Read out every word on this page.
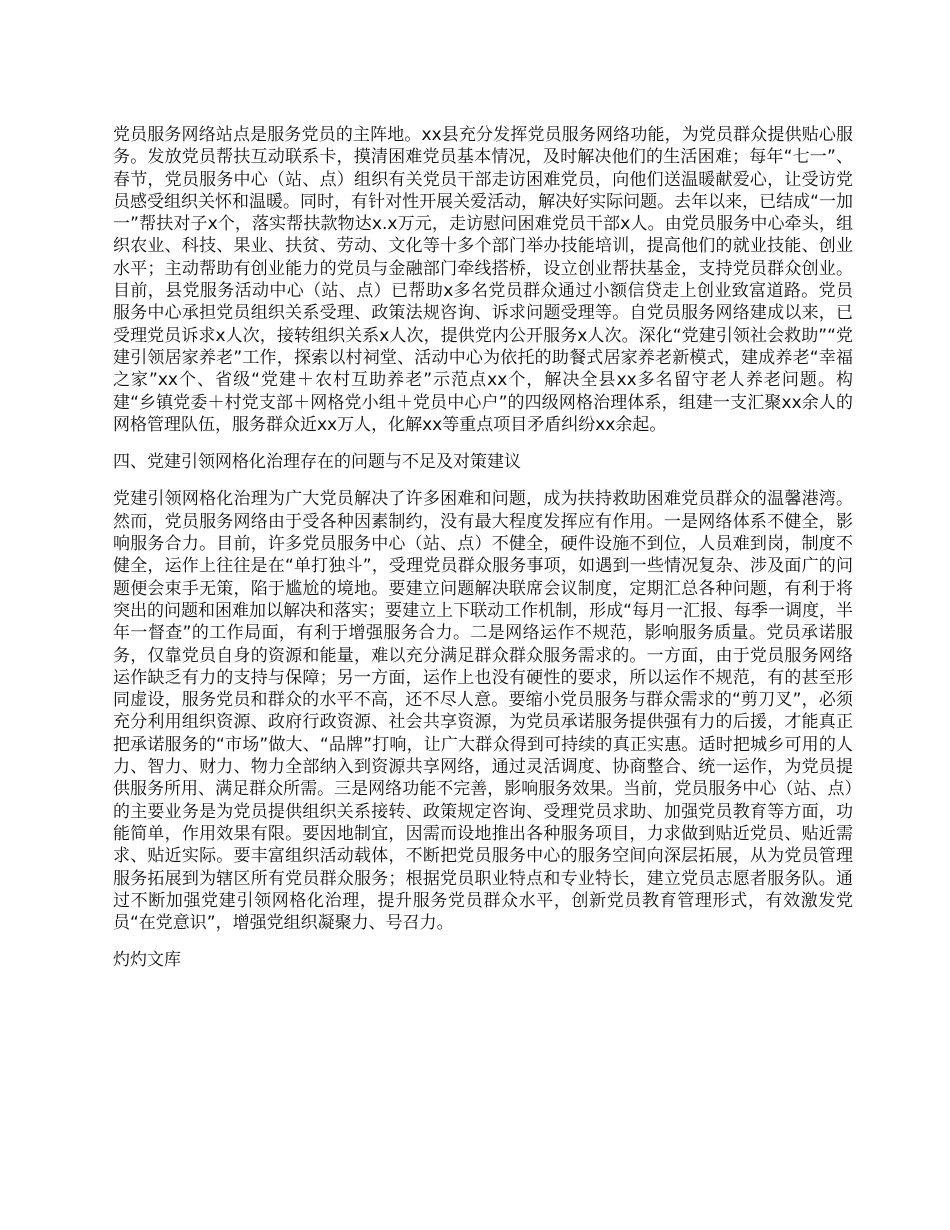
党员服务网络站点是服务党员的主阵地。xx县充分发挥党员服务网络功能，为党员群众提供贴心服务。发放党员帮扶互动联系卡，摸清困难党员基本情况，及时解决他们的生活困难；每年“七一”、春节，党员服务中心（站、点）组织有关党员干部走访困难党员，向他们送温暖献爱心，让受访党员感受组织关怀和温暖。同时，有针对性开展关爱活动，解决好实际问题。去年以来，已结成“一加一”帮扶对子x个，落实帮扶款物达x.x万元，走访慰问困难党员干部x人。由党员服务中心牵头，组织农业、科技、果业、扶贫、劳动、文化等十多个部门举办技能培训，提高他们的就业技能、创业水平；主动帮助有创业能力的党员与金融部门牵线搭桥，设立创业帮扶基金，支持党员群众创业。目前，县党服务活动中心（站、点）已帮助x多名党员群众通过小额信贷走上创业致富道路。党员服务中心承担党员组织关系受理、政策法规咨询、诉求问题受理等。自党员服务网络建成以来，已受理党员诉求x人次，接转组织关系x人次，提供党内公开服务x人次。深化“党建引领社会救助”“党建引领居家养老”工作，探索以村祠堂、活动中心为依托的助餐式居家养老新模式，建成养老“幸福之家”xx个、省级“党建＋农村互助养老”示范点xx个，解决全县xx多名留守老人养老问题。构建“乡镇党委＋村党支部＋网格党小组＋党员中心户”的四级网格治理体系，组建一支汇聚xx余人的网格管理队伍，服务群众近xx万人，化解xx等重点项目矛盾纠纷xx余起。

四、党建引领网格化治理存在的问题与不足及对策建议

党建引领网格化治理为广大党员解决了许多困难和问题，成为扶持救助困难党员群众的温馨港湾。然而，党员服务网络由于受各种因素制约，没有最大程度发挥应有作用。一是网络体系不健全，影响服务合力。目前，许多党员服务中心（站、点）不健全，硬件设施不到位，人员难到岗，制度不健全，运作上往往是在“单打独斗”，受理党员群众服务事项，如遇到一些情况复杂、涉及面广的问题便会束手无策，陷于尴尬的境地。要建立问题解决联席会议制度，定期汇总各种问题，有利于将突出的问题和困难加以解决和落实；要建立上下联动工作机制，形成“每月一汇报、每季一调度，半年一督查”的工作局面，有利于增强服务合力。二是网络运作不规范，影响服务质量。党员承诺服务，仅靠党员自身的资源和能量，难以充分满足群众群众服务需求的。一方面，由于党员服务网络运作缺乏有力的支持与保障；另一方面，运作上也没有硬性的要求，所以运作不规范，有的甚至形同虚设，服务党员和群众的水平不高，还不尽人意。要缩小党员服务与群众需求的“剪刀叉”，必须充分利用组织资源、政府行政资源、社会共享资源，为党员承诺服务提供强有力的后援，才能真正把承诺服务的“市场”做大、“品牌”打响，让广大群众得到可持续的真正实惠。适时把城乡可用的人力、智力、财力、物力全部纳入到资源共享网络，通过灵活调度、协商整合、统一运作，为党员提供服务所用、满足群众所需。三是网络功能不完善，影响服务效果。当前，党员服务中心（站、点）的主要业务是为党员提供组织关系接转、政策规定咨询、受理党员求助、加强党员教育等方面，功能简单，作用效果有限。要因地制宜，因需而设地推出各种服务项目，力求做到贴近党员、贴近需求、贴近实际。要丰富组织活动载体，不断把党员服务中心的服务空间向深层拓展，从为党员管理服务拓展到为辖区所有党员群众服务；根据党员职业特点和专业特长，建立党员志愿者服务队。通过不断加强党建引领网格化治理，提升服务党员群众水平，创新党员教育管理形式，有效激发党员“在党意识”，增强党组织凝聚力、号召力。

灼灼文库
